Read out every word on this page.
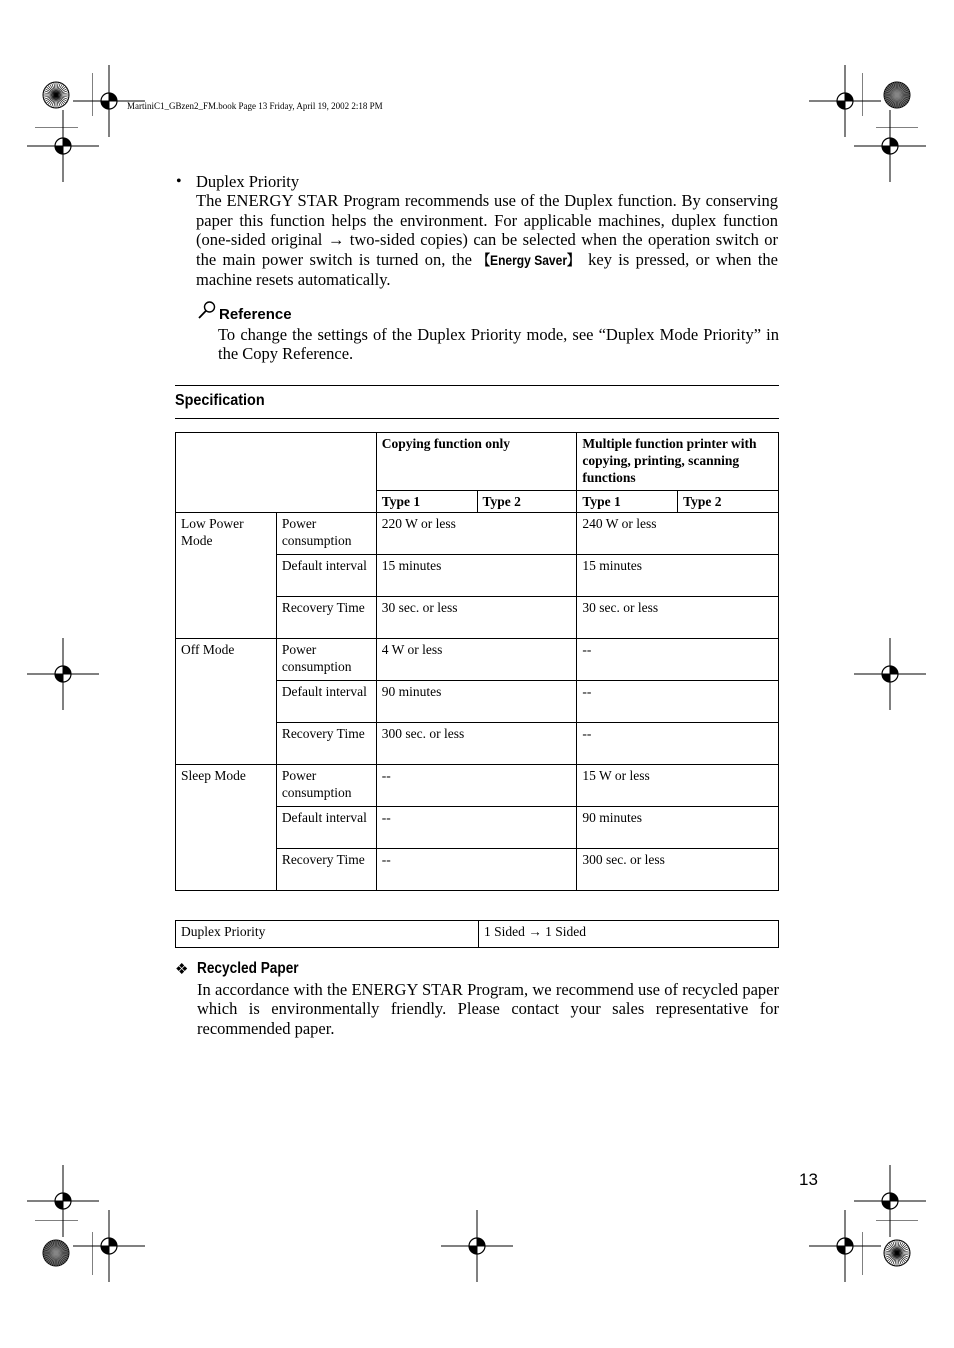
MartiniC1_GBzen2_FM.book Page 13 Friday, April 19, 2002 2:18 PM
• Duplex Priority
The ENERGY STAR Program recommends use of the Duplex function. By conserving paper this function helps the environment. For applicable machines, duplex function (one-sided original → two-sided copies) can be selected when the operation switch or the main power switch is turned on, the 【Energy Saver】 key is pressed, or when the machine resets automatically.
Reference
To change the settings of the Duplex Priority mode, see “Duplex Mode Priority” in the Copy Reference.
Specification
		Copying function only		Multiple function printer with copying, printing, scanning functions	
		Type 1	Type 2	Type 1	Type 2
Low Power Mode	Power consumption	220 W or less		240 W or less	
	Default interval	15 minutes		15 minutes	
	Recovery Time	30 sec. or less		30 sec. or less	
Off Mode	Power consumption	4 W or less		--	
	Default interval	90 minutes		--	
	Recovery Time	300 sec. or less		--	
Sleep Mode	Power consumption	--		15 W or less	
	Default interval	--		90 minutes	
	Recovery Time	--		300 sec. or less	
Duplex Priority	1 Sided → 1 Sided
❖ Recycled Paper
In accordance with the ENERGY STAR Program, we recommend use of recycled paper which is environmentally friendly. Please contact your sales representative for recommended paper.
13
